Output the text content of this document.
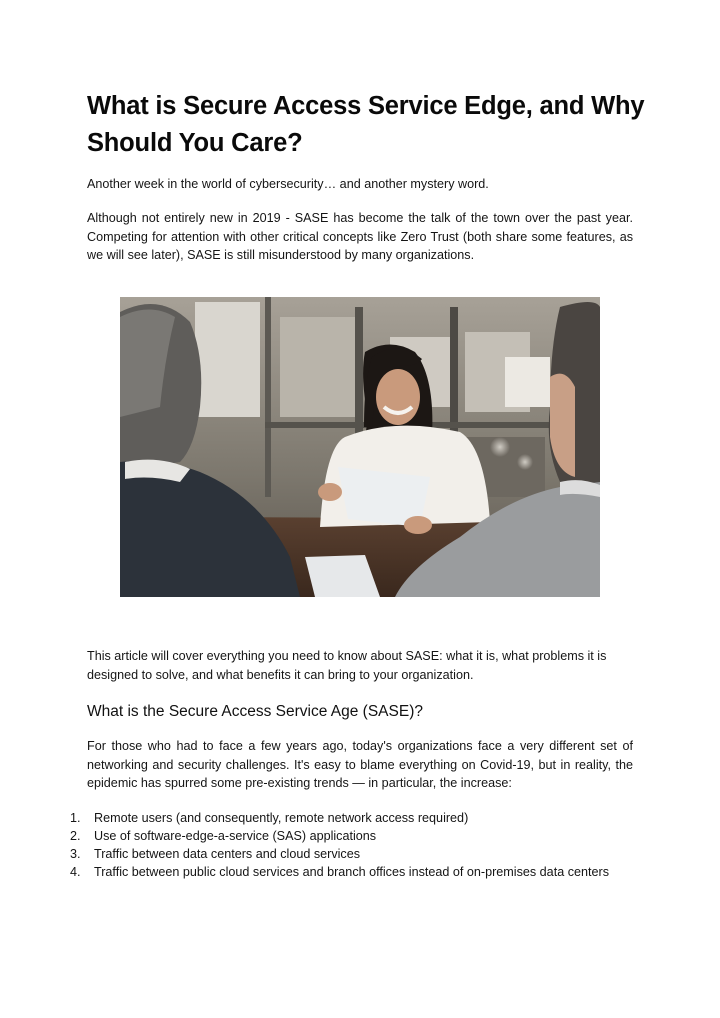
What is Secure Access Service Edge, and Why Should You Care?

Another week in the world of cybersecurity… and another mystery word.

Although not entirely new in 2019 - SASE has become the talk of the town over the past year. Competing for attention with other critical concepts like Zero Trust (both share some features, as we will see later), SASE is still misunderstood by many organizations.

This article will cover everything you need to know about SASE: what it is, what problems it is designed to solve, and what benefits it can bring to your organization.

What is the Secure Access Service Age (SASE)?

For those who had to face a few years ago, today's organizations face a very different set of networking and security challenges. It's easy to blame everything on Covid-19, but in reality, the epidemic has spurred some pre-existing trends — in particular, the increase:

1.	Remote users (and consequently, remote network access required)
2.	Use of software-edge-a-service (SAS) applications
3.	Traffic between data centers and cloud services
4.	Traffic between public cloud services and branch offices instead of on-premises data centers
